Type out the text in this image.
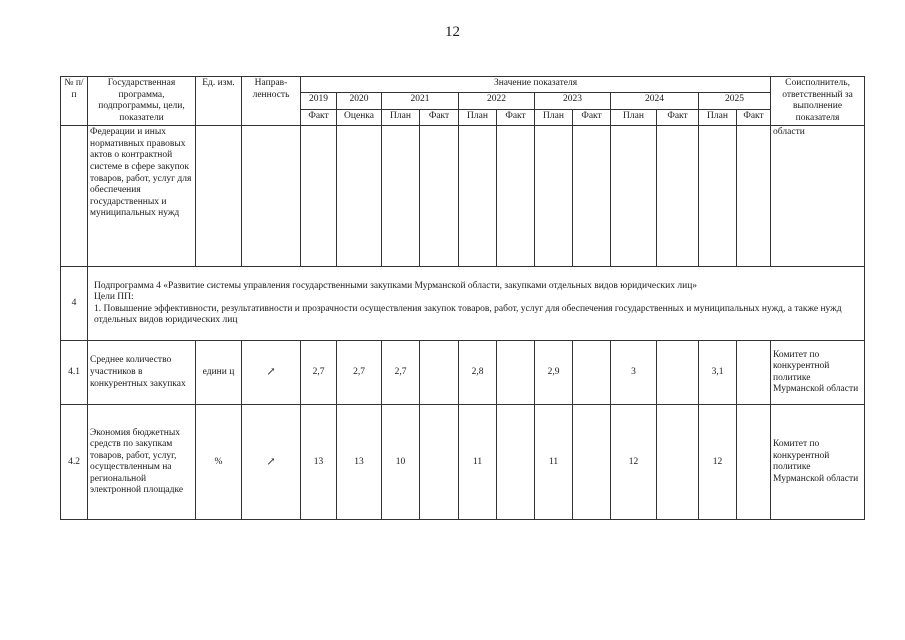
12
№ п/п	Государственная программа, подпрограммы, цели, показатели	Ед. изм.	Направ-ленность	Значение показателя												Соисполнитель, ответственный за выполнение показателя
				2019	2020	2021		2022		2023		2024		2025		
				Факт	Оценка	План	Факт	План	Факт	План	Факт	План	Факт	План	Факт	
	Федерации и иных нормативных правовых актов о контрактной системе в сфере закупок товаров, работ, услуг для обеспечения государственных и муниципальных нужд															области
4	Подпрограмма 4 «Развитие системы управления государственными закупками Мурманской области, закупками отдельных видов юридических лиц»
Цели ПП:
1. Повышение эффективности, результативности и прозрачности осуществления закупок товаров, работ, услуг для обеспечения государственных и муниципальных нужд, а также нужд отдельных видов юридических лиц															

4.1	Среднее количество участников в конкурентных закупках	едини ц	↗	2,7	2,7	2,7		2,8		2,9		3		3,1		Комитет по конкурентной политике Мурманской области
4.2	Экономия бюджетных средств по закупкам товаров, работ, услуг, осуществленным на региональной электронной площадке	%	↗	13	13	10		11		11		12		12		Комитет по конкурентной политике Мурманской области
